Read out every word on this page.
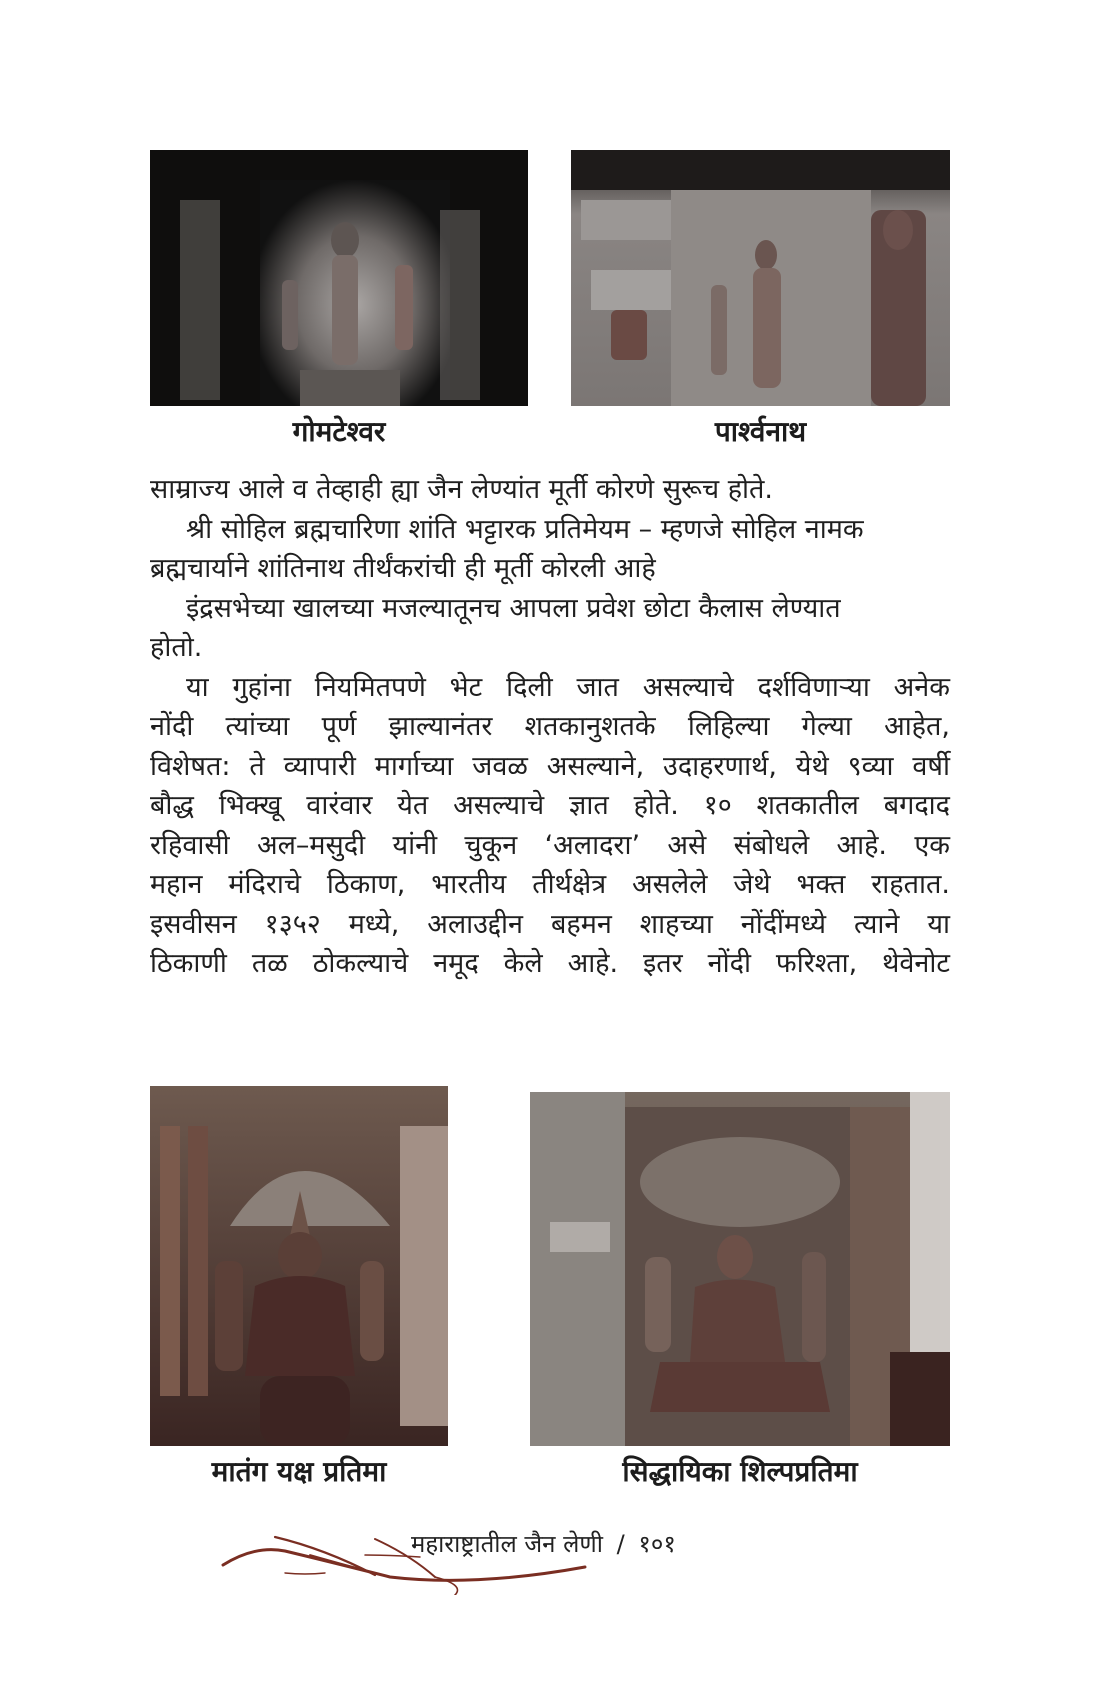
गोमटेश्वर	पार्श्वनाथ

साम्राज्य आले व तेव्हाही ह्या जैन लेण्यांत मूर्ती कोरणे सुरूच होते.

श्री सोहिल ब्रह्मचारिणा शांति भट्टारक प्रतिमेयम – म्हणजे सोहिल नामक
ब्रह्मचार्याने शांतिनाथ तीर्थंकरांची ही मूर्ती कोरली आहे

इंद्रसभेच्या खालच्या मजल्यातूनच आपला प्रवेश छोटा कैलास लेण्यात
होतो.

या गुहांना नियमितपणे भेट दिली जात असल्याचे दर्शविणाऱ्या अनेक
नोंदी त्यांच्या पूर्ण झाल्यानंतर शतकानुशतके लिहिल्या गेल्या आहेत,
विशेषत: ते व्यापारी मार्गाच्या जवळ असल्याने, उदाहरणार्थ, येथे ९व्या वर्षी
बौद्ध भिक्खू वारंवार येत असल्याचे ज्ञात होते. १० शतकातील बगदाद
रहिवासी अल–मसुदी यांनी चुकून ‘अलादरा’ असे संबोधले आहे. एक
महान मंदिराचे ठिकाण, भारतीय तीर्थक्षेत्र असलेले जेथे भक्त राहतात.
इसवीसन १३५२ मध्ये, अलाउद्दीन बहमन शाहच्या नोंदींमध्ये त्याने या
ठिकाणी तळ ठोकल्याचे नमूद केले आहे. इतर नोंदी फरिश्ता, थेवेनोट

मातंग यक्ष प्रतिमा	सिद्धायिका शिल्पप्रतिमा
महाराष्ट्रातील जैन लेणी / १०१
